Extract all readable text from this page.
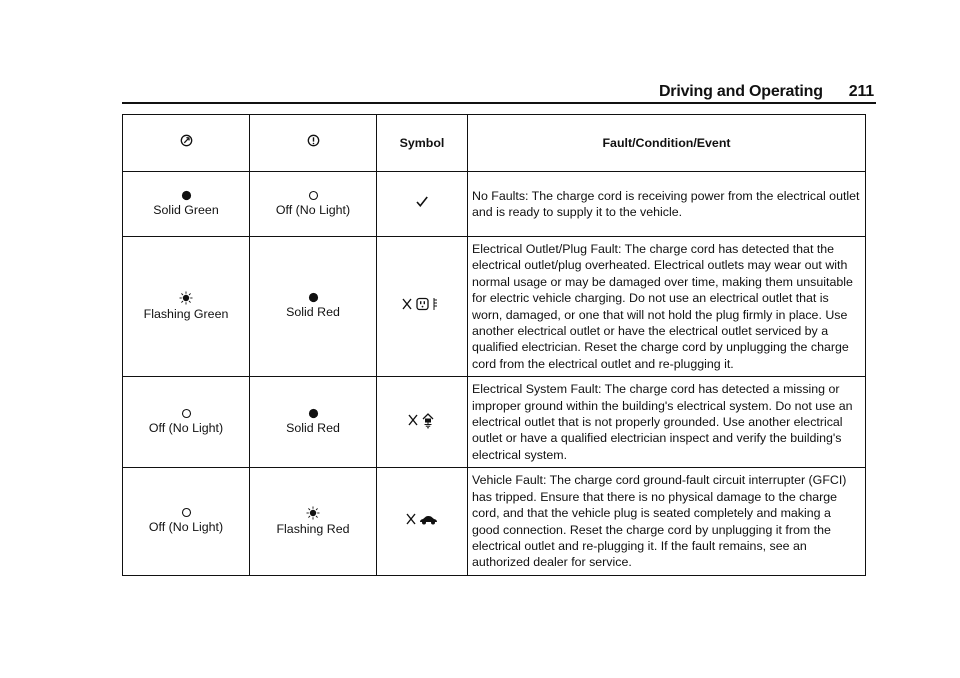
Driving and Operating 211
		Symbol	Fault/Condition/Event

Solid Green	Off (No Light)		No Faults: The charge cord is receiving power from the electrical outlet and is ready to supply it to the vehicle.

Flashing Green	Solid Red		Electrical Outlet/Plug Fault: The charge cord has detected that the electrical outlet/plug overheated. Electrical outlets may wear out with normal usage or may be damaged over time, making them unsuitable for electric vehicle charging. Do not use an electrical outlet that is worn, damaged, or one that will not hold the plug firmly in place. Use another electrical outlet or have the electrical outlet serviced by a qualified electrician. Reset the charge cord by unplugging the charge cord from the electrical outlet and re-plugging it.

Off (No Light)	Solid Red		Electrical System Fault: The charge cord has detected a missing or improper ground within the building's electrical system. Do not use an electrical outlet that is not properly grounded. Use another electrical outlet or have a qualified electrician inspect and verify the building's electrical system.

Off (No Light)	Flashing Red		Vehicle Fault: The charge cord ground-fault circuit interrupter (GFCI) has tripped. Ensure that there is no physical damage to the charge cord, and that the vehicle plug is seated completely and making a good connection. Reset the charge cord by unplugging it from the electrical outlet and re-plugging it. If the fault remains, see an authorized dealer for service.
